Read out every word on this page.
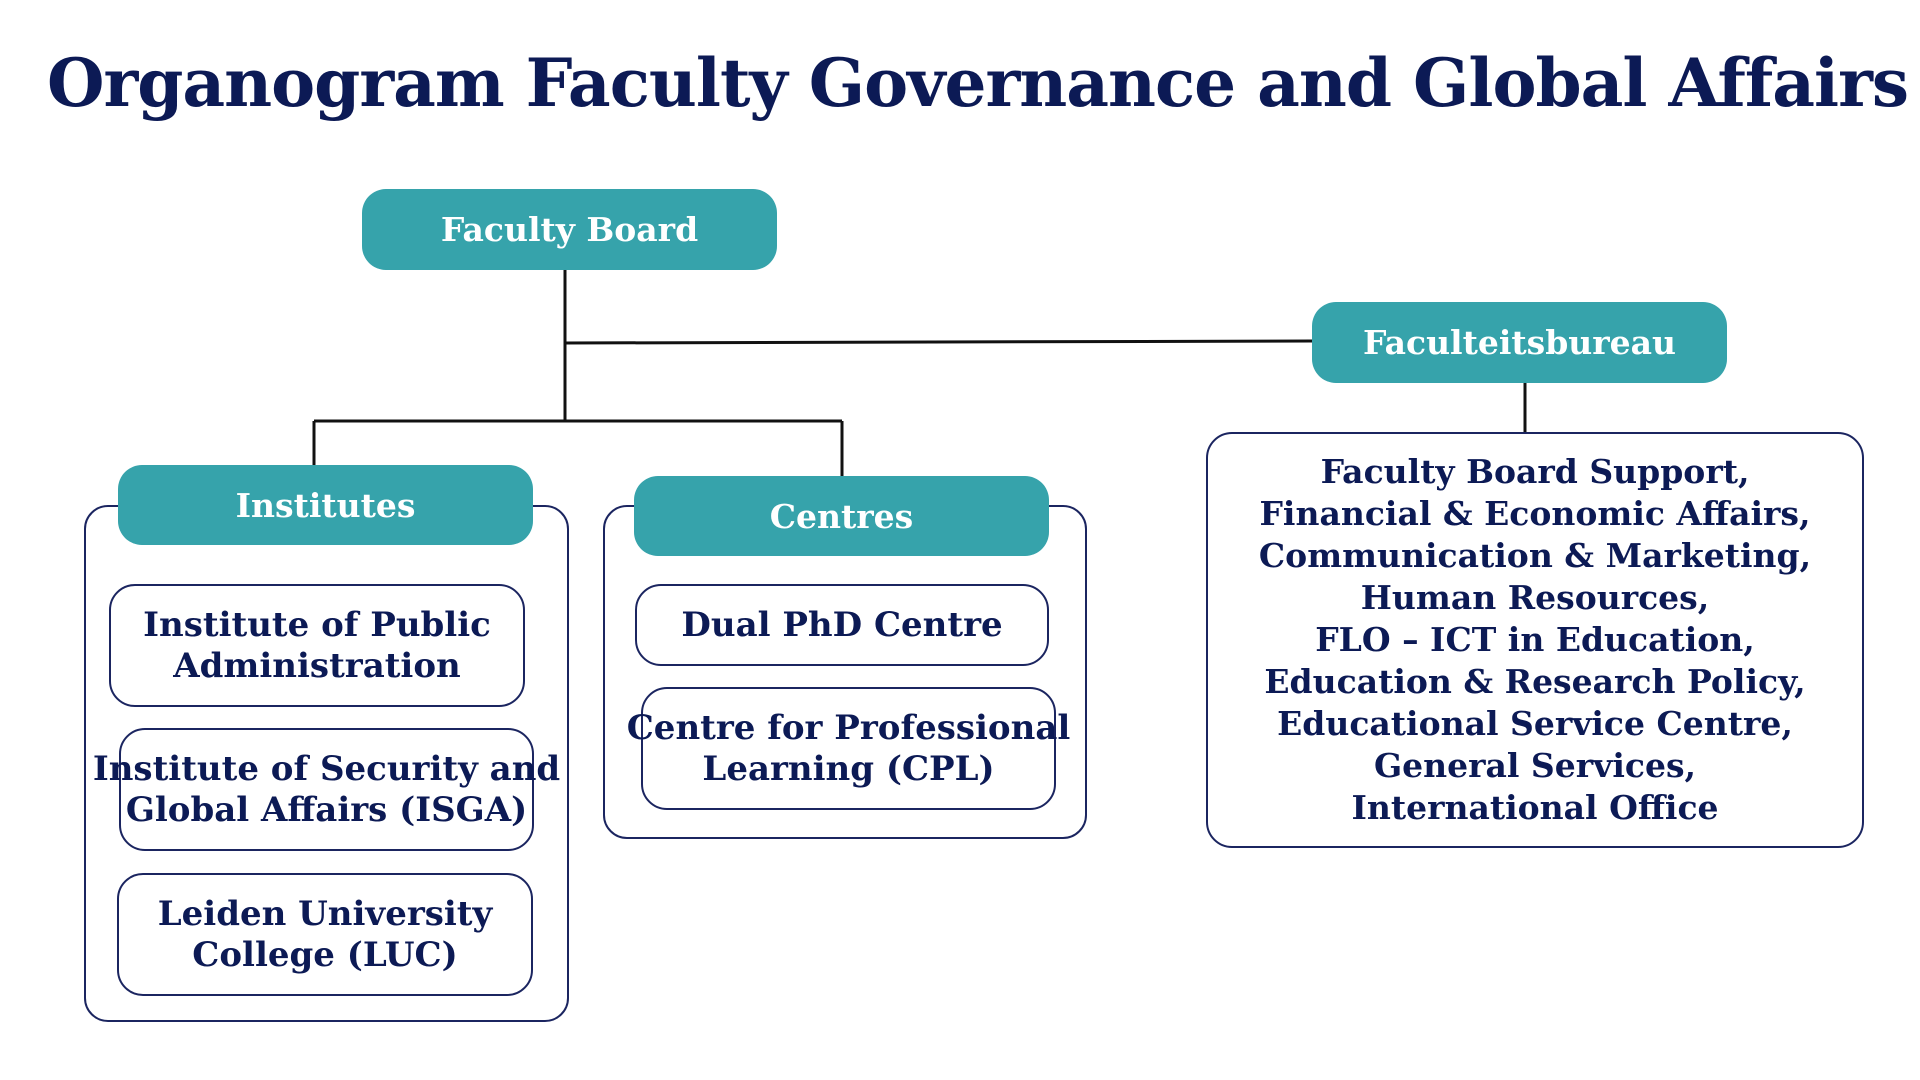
Organogram Faculty Governance and Global Affairs
Faculty Board
Faculteitsbureau
Institutes
Institute of Public
Administration
Institute of Security and
Global Affairs (ISGA)
Leiden University
College (LUC)
Centres
Dual PhD Centre
Centre for Professional
Learning (CPL)
Faculty Board Support,
Financial & Economic Affairs,
Communication & Marketing,
Human Resources,
FLO – ICT in Education,
Education & Research Policy,
Educational Service Centre,
General Services,
International Office
